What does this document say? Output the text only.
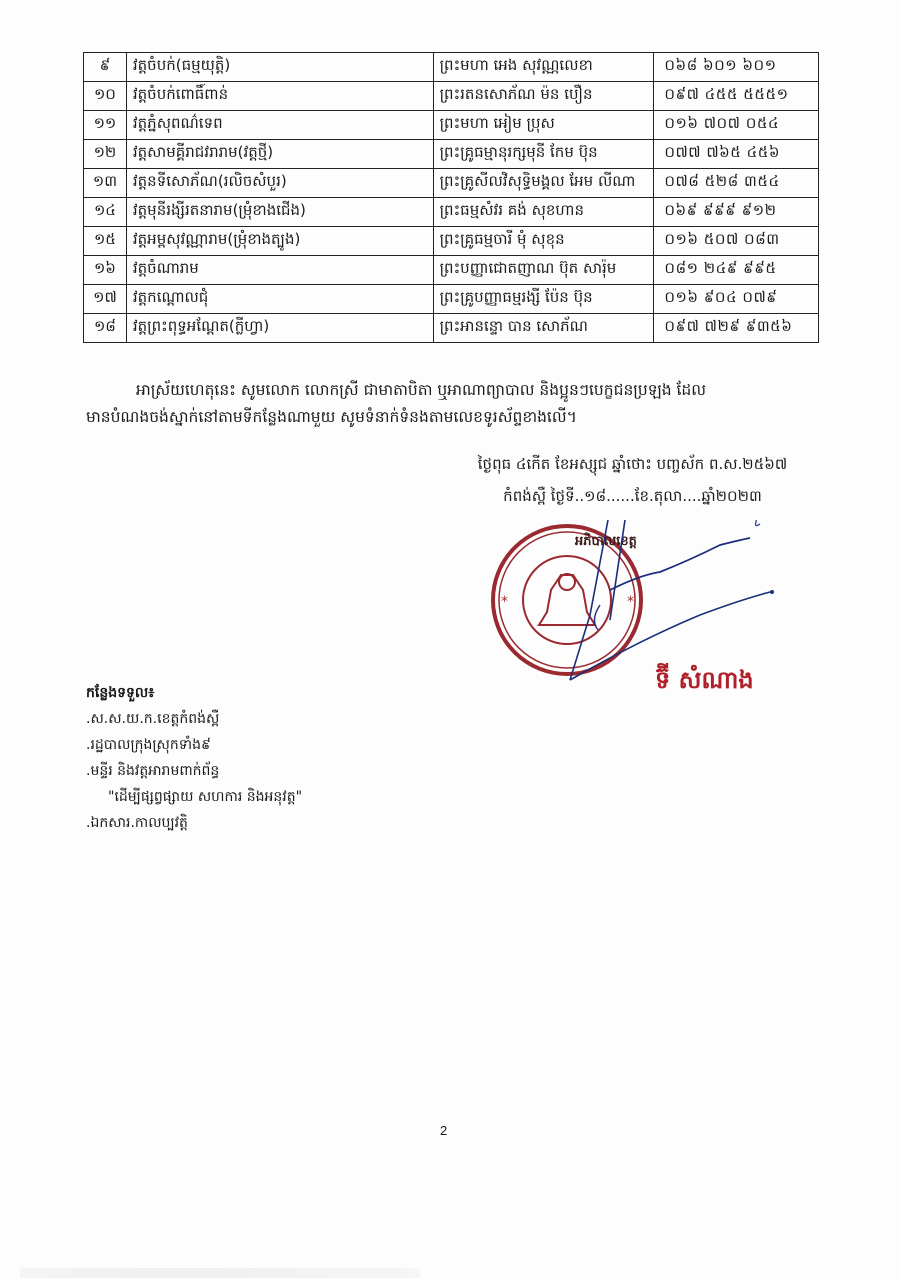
៩	វត្តចំបក់(ធម្មយុត្តិ)	ព្រះមហា អេង សុវណ្ណលេខា	០៦៨ ៦០១ ៦០១
១០	វត្តចំបក់ពោធិ៍ពាន់	ព្រះរតនសោភ័ណ ម៉ន បឿន	០៩៧ ៤៥៥ ៥៥៥១
១១	វត្តភ្នំសុពណ៌ទេព	ព្រះមហា អៀម ប្រុស	០១៦ ៧០៧ ០៥៤
១២	វត្តសាមគ្គីរាជវរារាម(វត្តថ្មី)	ព្រះគ្រូធម្មានុរក្សមុនី កែម ប៊ុន	០៧៧ ៧៦៥ ៤៥៦
១៣	វត្តនទីសោភ័ណ(រលិចសំបួរ)	ព្រះគ្រូសីលវិសុទ្ធិមង្គល អែម លីណា	០៧៨ ៥២៨ ៣៥៤
១៤	វត្តមុនីរង្សីរតនារាម(ម្រុំខាងជើង)	ព្រះធម្មសំវរ គង់ សុខហាន	០៦៩ ៩៩៩ ៩១២
១៥	វត្តអម្ពសុវណ្ណារាម(ម្រុំខាងត្បូង)	ព្រះគ្រូធម្មចារី មុំ សុខុន	០១៦ ៥០៧ ០៨៣
១៦	វត្តចំណារាម	ព្រះបញ្ញាជោតញាណ ប៊ុត សារ៉ុម	០៨១ ២៤៩ ៩៩៥
១៧	វត្តកណ្ដោលជុំ	ព្រះគ្រូបញ្ញាធម្មរង្សី ប៉ែន ប៊ុន	០១៦ ៩០៤ ០៧៩
១៨	វត្តព្រះពុទ្ធអណ្ដែត(ក្លីហ្វា)	ព្រះអានន្ទោ បាន សោភ័ណ	០៩៧ ៧២៩ ៩៣៥៦
អាស្រ័យហេតុនេះ សូមលោក លោកស្រី ជាមាតាបិតា ឬអាណាព្យាបាល និងប្អូនៗបេក្ខជនប្រឡង ដែល
មានបំណងចង់ស្នាក់នៅតាមទីកន្លែងណាមួយ សូមទំនាក់ទំនងតាមលេខទូរស័ព្ទខាងលើ។
ថ្ងៃពុធ ៤កើត ខែអស្សុជ ឆ្នាំថោះ បញ្ចស័ក ព.ស.២៥៦៧
កំពង់ស្ពឺ ថ្ងៃទី..១៨......ខែ.តុលា....ឆ្នាំ២០២៣
*	*
អភិបាលខេត្ត
ទ៊ី សំណាង
កន្លែងទទួល៖
.ស.ស.យ.ក.ខេត្តកំពង់ស្ពឺ
.រដ្ឋបាលក្រុងស្រុកទាំង៩
.មន្ទីរ និងវត្តអារាមពាក់ព័ន្ធ
"ដើម្បីផ្សព្វផ្សាយ សហការ និងអនុវត្ត"
.ឯកសារ.កាលប្បវត្តិ
2
